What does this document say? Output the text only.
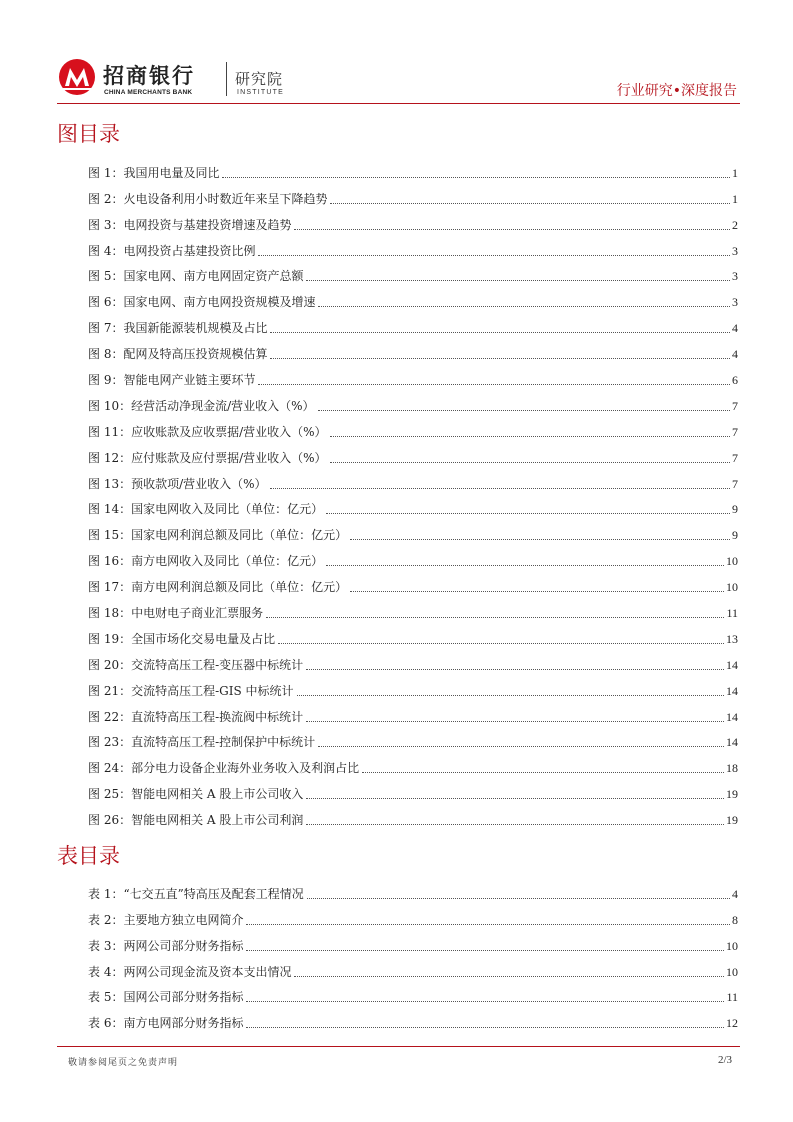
招商银行
CHINA MERCHANTS BANK
研究院
INSTITUTE	行业研究•深度报告
图目录
图 1：我国用电量及同比	1
图 2：火电设备利用小时数近年来呈下降趋势	1
图 3：电网投资与基建投资增速及趋势	2
图 4：电网投资占基建投资比例	3
图 5：国家电网、南方电网固定资产总额	3
图 6：国家电网、南方电网投资规模及增速	3
图 7：我国新能源装机规模及占比	4
图 8：配网及特高压投资规模估算	4
图 9：智能电网产业链主要环节	6
图 10：经营活动净现金流/营业收入（%）	7
图 11：应收账款及应收票据/营业收入（%）	7
图 12：应付账款及应付票据/营业收入（%）	7
图 13：预收款项/营业收入（%）	7
图 14：国家电网收入及同比（单位：亿元）	9
图 15：国家电网利润总额及同比（单位：亿元）	9
图 16：南方电网收入及同比（单位：亿元）	10
图 17：南方电网利润总额及同比（单位：亿元）	10
图 18：中电财电子商业汇票服务	11
图 19：全国市场化交易电量及占比	13
图 20：交流特高压工程-变压器中标统计	14
图 21：交流特高压工程-GIS 中标统计	14
图 22：直流特高压工程-换流阀中标统计	14
图 23：直流特高压工程-控制保护中标统计	14
图 24：部分电力设备企业海外业务收入及利润占比	18
图 25：智能电网相关 A 股上市公司收入	19
图 26：智能电网相关 A 股上市公司利润	19
表目录
表 1：“七交五直”特高压及配套工程情况	4
表 2：主要地方独立电网简介	8
表 3：两网公司部分财务指标	10
表 4：两网公司现金流及资本支出情况	10
表 5：国网公司部分财务指标	11
表 6：南方电网部分财务指标	12
敬请参阅尾页之免责声明	2/3
